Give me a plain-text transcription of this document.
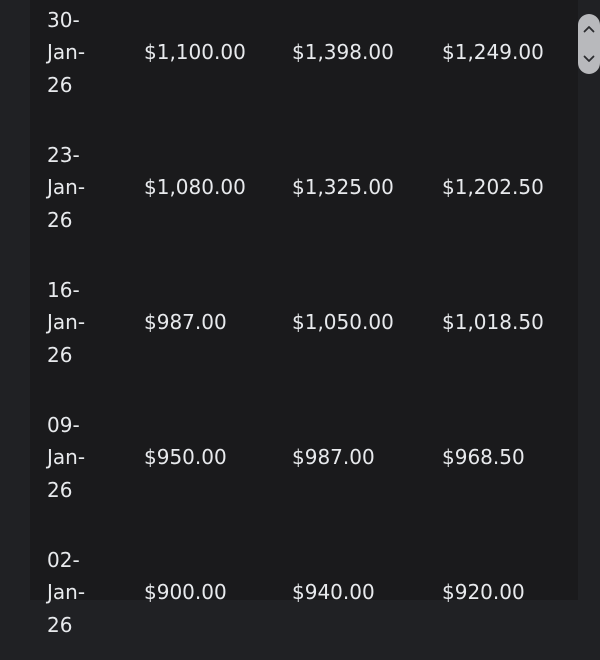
30-
Jan-
26
$1,100.00 $1,398.00 $1,249.00
23-
Jan-
26
$1,080.00 $1,325.00 $1,202.50
16-
Jan-
26
$987.00	$1,050.00 $1,018.50
09-
Jan-
26
$950.00	$987.00	$968.50
02-
Jan-
26
$900.00	$940.00	$920.00
